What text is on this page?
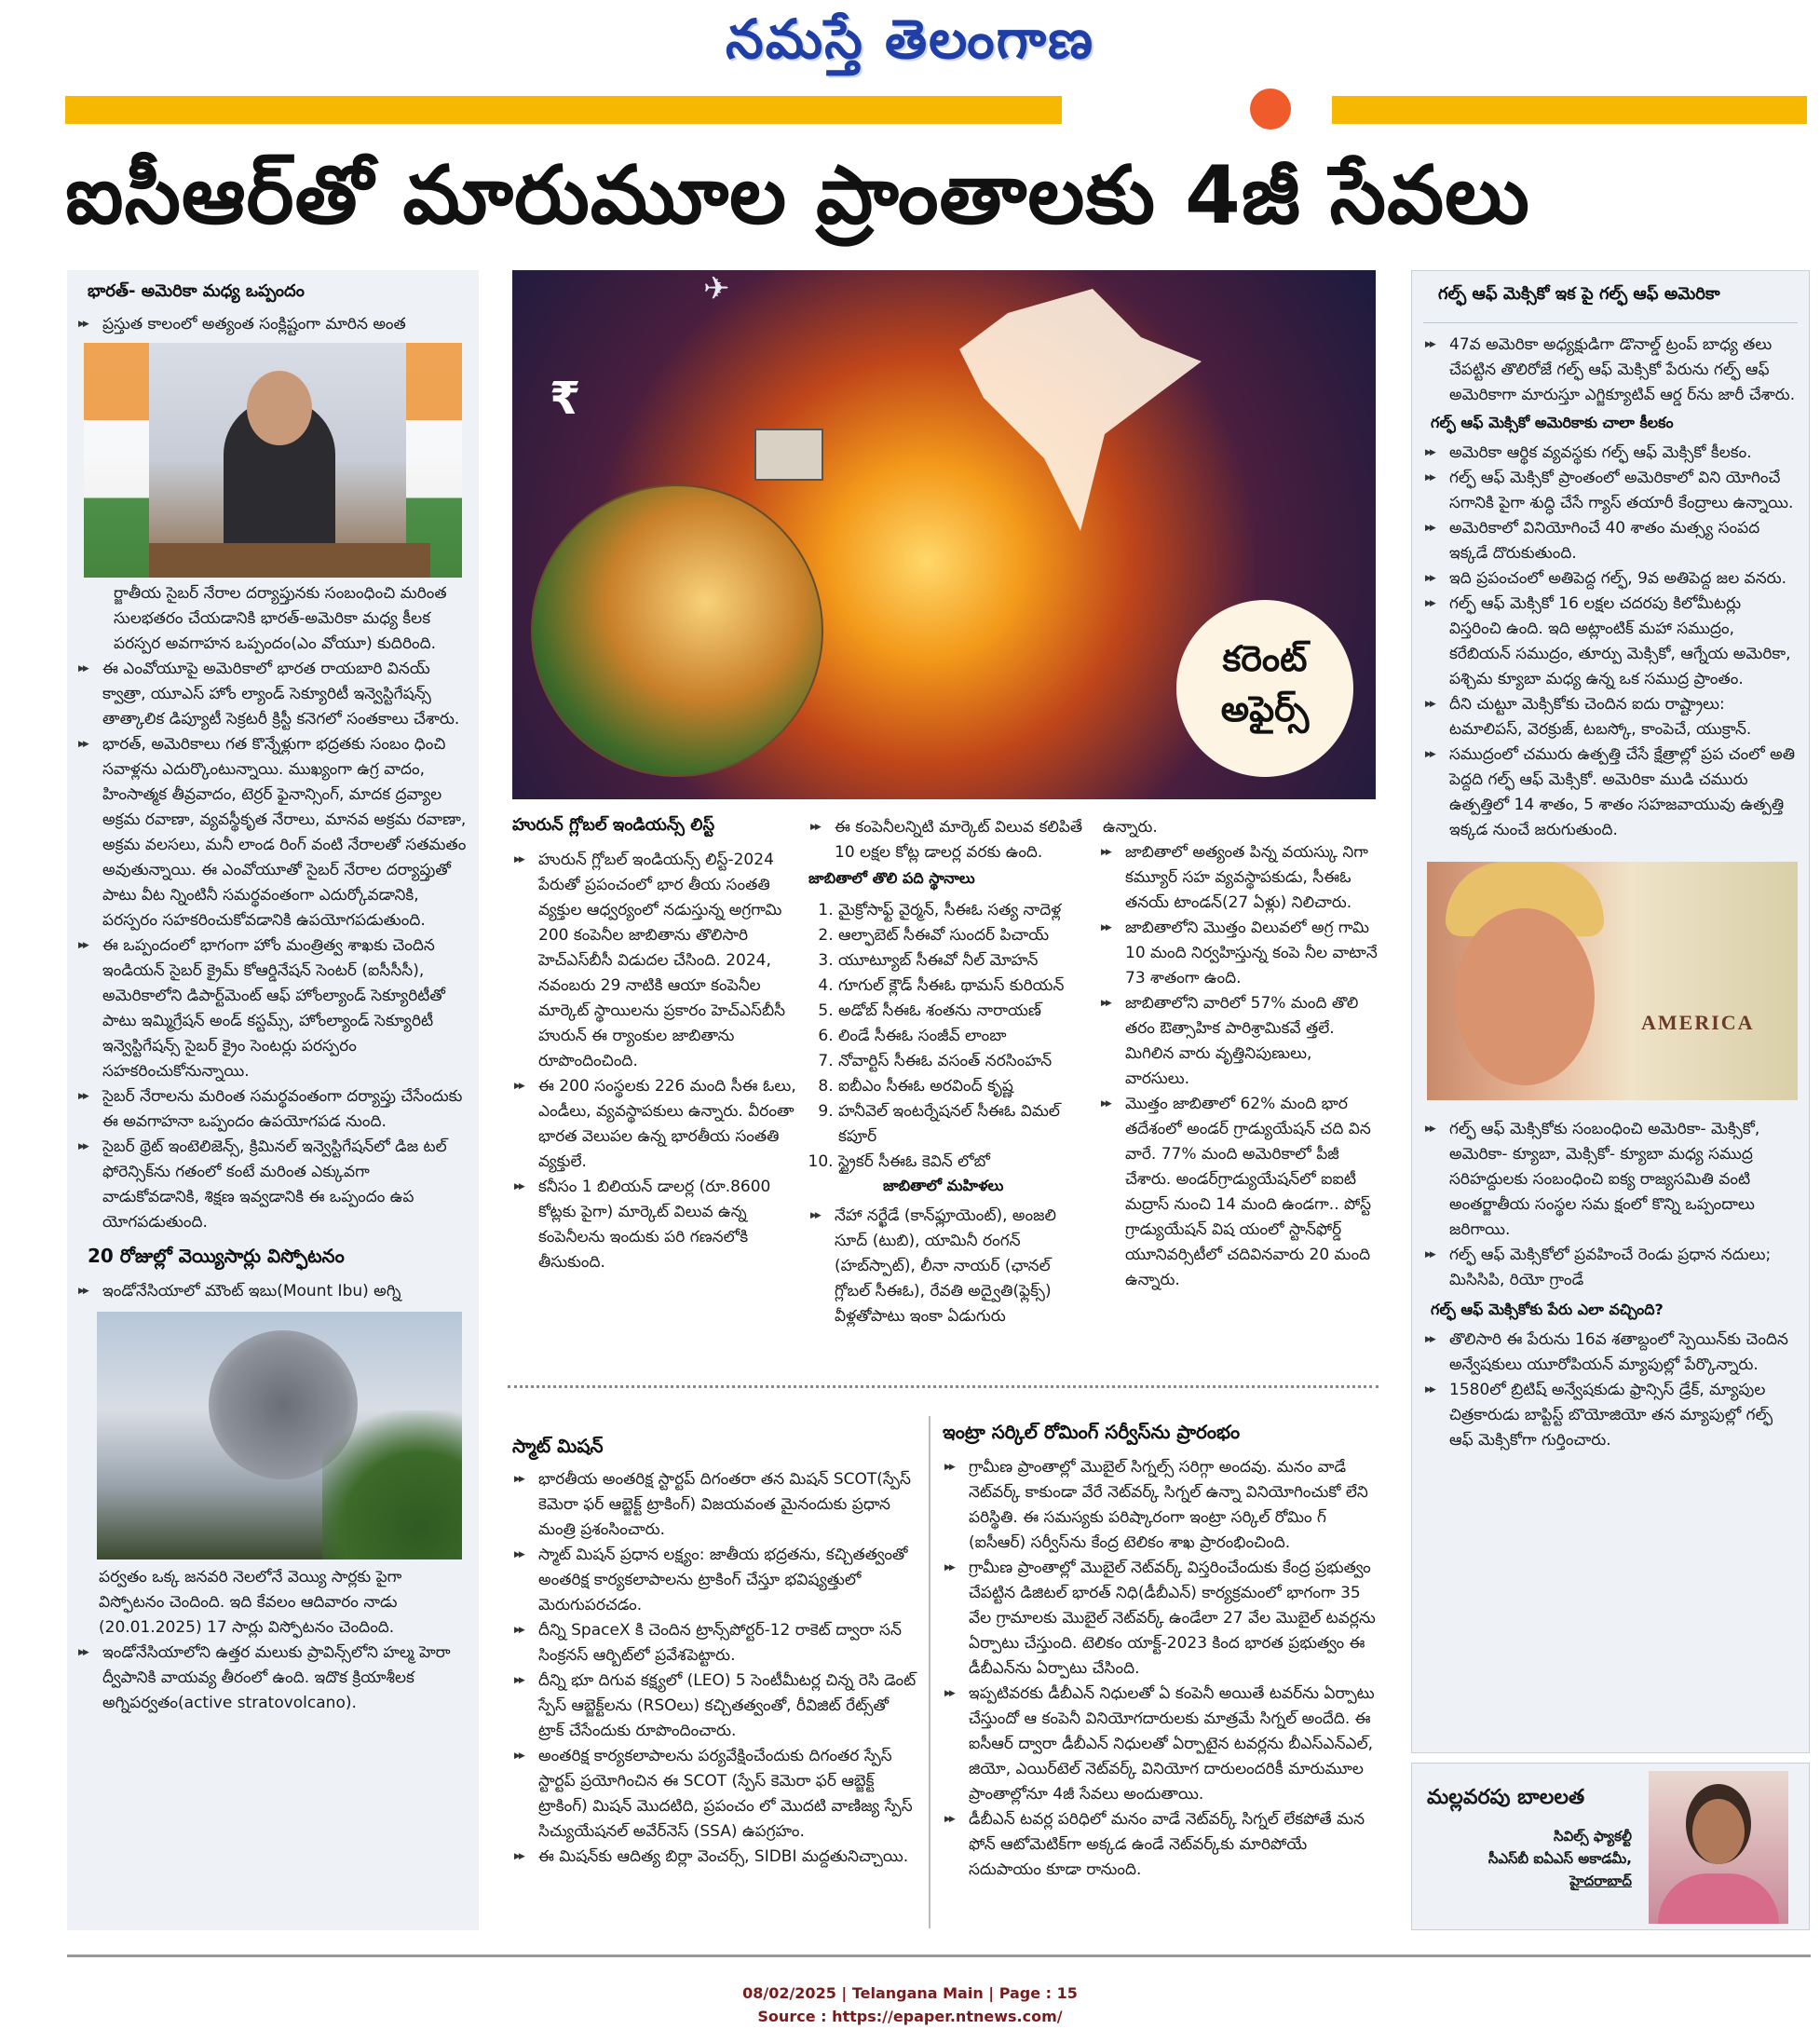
నమస్తే తెలంగాణ
ఐసీఆర్‌తో మారుమూల ప్రాంతాలకు 4జీ సేవలు
భారత్- అమెరికా మధ్య ఒప్పందం
▶▶ ప్రస్తుత కాలంలో అత్యంత సంక్లిష్టంగా మారిన అంత
ర్జాతీయ సైబర్ నేరాల దర్యాప్తునకు సంబంధించి మరింత సులభతరం చేయడానికి భారత్-అమెరికా మధ్య కీలక పరస్పర అవగాహన ఒప్పందం(ఎం వోయూ) కుదిరింది.
▶▶ ఈ ఎంవోయూపై అమెరికాలో భారత రాయబారి వినయ్ క్వాత్రా, యూఎస్ హోం ల్యాండ్ సెక్యూరిటీ ఇన్వెస్టిగేషన్స్ తాత్కాలిక డిప్యూటీ సెక్రటరీ క్రిస్టీ కనెగలో సంతకాలు చేశారు.
▶▶ భారత్, అమెరికాలు గత కొన్నేళ్లుగా భద్రతకు సంబం ధించి సవాళ్లను ఎదుర్కొంటున్నాయి. ముఖ్యంగా ఉగ్ర వాదం, హింసాత్మక తీవ్రవాదం, టెర్రర్ ఫైనాన్సింగ్, మాదక ద్రవ్యాల అక్రమ రవాణా, వ్యవస్థీకృత నేరాలు, మానవ అక్రమ రవాణా, అక్రమ వలసలు, మనీ లాండ రింగ్ వంటి నేరాలతో సతమతం అవుతున్నాయి. ఈ ఎంవోయూతో సైబర్ నేరాల దర్యాప్తుతో పాటు వీట న్నింటినీ సమర్థవంతంగా ఎదుర్కోవడానికి, పరస్పరం సహకరించుకోవడానికి ఉపయోగపడుతుంది.
▶▶ ఈ ఒప్పందంలో భాగంగా హోం మంత్రిత్వ శాఖకు చెందిన ఇండియన్ సైబర్ క్రైమ్ కోఆర్డినేషన్ సెంటర్ (ఐసీసీసీ), అమెరికాలోని డిపార్ట్‌మెంట్ ఆఫ్ హోంల్యాండ్ సెక్యూరిటీతో పాటు ఇమ్మిగ్రేషన్ అండ్ కస్టమ్స్, హోంల్యాండ్ సెక్యూరిటీ ఇన్వెస్టిగేషన్స్ సైబర్ క్రైం సెంటర్లు పరస్పరం సహకరించుకోనున్నాయి.
▶▶ సైబర్ నేరాలను మరింత సమర్థవంతంగా దర్యాప్తు చేసేందుకు ఈ అవగాహనా ఒప్పందం ఉపయోగపడ నుంది.
▶▶ సైబర్ థ్రెట్ ఇంటెలిజెన్స్, క్రిమినల్ ఇన్వెస్టిగేషన్‌లో డిజ టల్ ఫోరెన్సిక్‌ను గతంలో కంటే మరింత ఎక్కువగా వాడుకోవడానికి, శిక్షణ ఇవ్వడానికి ఈ ఒప్పందం ఉప యోగపడుతుంది.
20 రోజుల్లో వెయ్యిసార్లు విస్ఫోటనం
▶▶ ఇండోనేసియాలో మౌంట్ ఇబు(Mount Ibu) అగ్ని
పర్వతం ఒక్క జనవరి నెలలోనే వెయ్యి సార్లకు పైగా విస్ఫోటనం చెందింది. ఇది కేవలం ఆదివారం నాడు (20.01.2025) 17 సార్లు విస్ఫోటనం చెందింది.
▶▶ ఇండోనేసియాలోని ఉత్తర మలుకు ప్రావిన్స్‌లోని హల్మ హెరా ద్వీపానికి వాయవ్య తీరంలో ఉంది. ఇదొక క్రియాశీలక అగ్నిపర్వతం(active stratovolcano).
₹
✈
కరెంట్
అఫైర్స్
హురున్ గ్లోబల్ ఇండియన్స్ లిస్ట్
▶▶ హురున్ గ్లోబల్ ఇండియన్స్ లిస్ట్-2024 పేరుతో ప్రపంచంలో భార తీయ సంతతి వ్యక్తుల ఆధ్వర్యంలో నడుస్తున్న అగ్రగామి 200 కంపెనీల జాబితాను తొలిసారి హెచ్‌ఎస్‌బీసీ విడుదల చేసింది. 2024, నవంబరు 29 నాటికి ఆయా కంపెనీల మార్కెట్ స్థాయిలను ప్రకారం హెచ్‌ఎస్‌బీసీ హురున్ ఈ ర్యాంకుల జాబితాను రూపొందించింది.
▶▶ ఈ 200 సంస్థలకు 226 మంది సీఈ ఓలు, ఎండీలు, వ్యవస్థాపకులు ఉన్నారు. వీరంతా భారత వెలుపల ఉన్న భారతీయ సంతతి వ్యక్తులే.
▶▶ కనీసం 1 బిలియన్ డాలర్ల (రూ.8600 కోట్లకు పైగా) మార్కెట్ విలువ ఉన్న కంపెనీలను ఇందుకు పరి గణనలోకి తీసుకుంది.
▶▶ ఈ కంపెనీలన్నిటి మార్కెట్ విలువ కలిపితే 10 లక్షల కోట్ల డాలర్ల వరకు ఉంది.
జాబితాలో తొలి పది స్థానాలు
1. మైక్రోసాఫ్ట్ వైర్మన్, సీఈఓ సత్య నాదెళ్ల
2. ఆల్ఫాబెట్ సీఈవో సుందర్ పిచాయ్
3. యూట్యూబ్ సీఈవో నీల్ మోహన్
4. గూగుల్ క్లౌడ్ సీఈఓ థామస్ కురియన్
5. అడోబ్ సీఈఓ శంతను నారాయణ్
6. లిండే సీఈఓ సంజీవ్ లాంబా
7. నోవార్టిస్ సీఈఓ వసంత్ నరసింహన్
8. ఐబీఎం సీఈఓ అరవింద్ కృష్ణ
9. హనీవెల్ ఇంటర్నేషనల్ సీఈఓ విమల్ కపూర్
10. స్ట్రైకర్ సీఈఓ కెవిన్ లోబో
జాబితాలో మహిళలు
▶▶ నేహా నర్ఖేడే (కాన్‌ఫ్లూయెంట్), అంజలి సూద్ (టుబి), యామినీ రంగన్ (హబ్‌స్పాట్), లీనా నాయర్ (ఛానల్ గ్లోబల్ సీఈఓ), రేవతి అద్వైతి(ఫ్లెక్స్) వీళ్లతోపాటు ఇంకా ఏడుగురు
ఉన్నారు.
▶▶ జాబితాలో అత్యంత పిన్న వయస్కు నిగా కమ్యూర్ సహ వ్యవస్థాపకుడు, సీఈఓ తనయ్ టాండన్(27 ఏళ్లు) నిలిచారు.
▶▶ జాబితాలోని మొత్తం విలువలో అగ్ర గామి 10 మంది నిర్వహిస్తున్న కంపె నీల వాటానే 73 శాతంగా ఉంది.
▶▶ జాబితాలోని వారిలో 57% మంది తొలి తరం ఔత్సాహిక పారిశ్రామికవే త్తలే. మిగిలిన వారు వృత్తినిపుణులు, వారసులు.
▶▶ మొత్తం జాబితాలో 62% మంది భార తదేశంలో అండర్ గ్రాడ్యుయేషన్ చది విన వారే. 77% మంది అమెరికాలో పీజీ చేశారు. అండర్‌గ్రాడ్యుయేషన్‌లో ఐఐటీ మద్రాస్ నుంచి 14 మంది ఉండగా.. పోస్ట్ గ్రాడ్యుయేషన్ విష యంలో స్టాన్‌ఫోర్డ్ యూనివర్సిటీలో చదివినవారు 20 మంది ఉన్నారు.
స్మాట్ మిషన్
▶▶ భారతీయ అంతరిక్ష స్టార్టప్ దిగంతరా తన మిషన్ SCOT(స్పేస్ కెమెరా ఫర్ ఆబ్జెక్ట్ ట్రాకింగ్) విజయవంత మైనందుకు ప్రధాన మంత్రి ప్రశంసించారు.
▶▶ స్మాట్ మిషన్ ప్రధాన లక్ష్యం: జాతీయ భద్రతను, కచ్చితత్వంతో అంతరిక్ష కార్యకలాపాలను ట్రాకింగ్ చేస్తూ భవిష్యత్తులో మెరుగుపరచడం.
▶▶ దీన్ని SpaceX కి చెందిన ట్రాన్స్‌పోర్టర్-12 రాకెట్ ద్వారా సన్ సింక్రనస్ ఆర్బిట్‌లో ప్రవేశపెట్టారు.
▶▶ దీన్ని భూ దిగువ కక్ష్యలో (LEO) 5 సెంటీమీటర్ల చిన్న రెసి డెంట్ స్పేస్ ఆబ్జెక్ట్‌లను (RSOలు) కచ్చితత్వంతో, రీవిజిట్ రేట్స్‌తో ట్రాక్ చేసేందుకు రూపొందించారు.
▶▶ అంతరిక్ష కార్యకలాపాలను పర్యవేక్షించేందుకు దిగంతర స్పేస్ స్టార్టప్ ప్రయోగించిన ఈ SCOT (స్పేస్ కెమెరా ఫర్ ఆబ్జెక్ట్ ట్రాకింగ్) మిషన్ మొదటిది, ప్రపంచం లో మొదటి వాణిజ్య స్పేస్ సిచ్యుయేషనల్ అవేర్‌నెస్ (SSA) ఉపగ్రహం.
▶▶ ఈ మిషన్‌కు ఆదిత్య బిర్లా వెంచర్స్, SIDBI మద్దతునిచ్చాయి.
ఇంట్రా సర్కిల్ రోమింగ్ సర్వీస్‌ను ప్రారంభం
▶▶ గ్రామీణ ప్రాంతాల్లో మొబైల్ సిగ్నల్స్ సరిగ్గా అందవు. మనం వాడే నెట్‌వర్క్ కాకుండా వేరే నెట్‌వర్క్ సిగ్నల్ ఉన్నా వినియోగించుకో లేని పరిస్థితి. ఈ సమస్యకు పరిష్కారంగా ఇంట్రా సర్కిల్ రోమిం గ్ (ఐసీఆర్) సర్వీస్‌ను కేంద్ర టెలికం శాఖ ప్రారంభించింది.
▶▶ గ్రామీణ ప్రాంతాల్లో మొబైల్ నెట్‌వర్క్ విస్తరించేందుకు కేంద్ర ప్రభుత్వం చేపట్టిన డిజిటల్ భారత్ నిధి(డీబీఎన్) కార్యక్రమంలో భాగంగా 35 వేల గ్రామాలకు మొబైల్ నెట్‌వర్క్ ఉండేలా 27 వేల మొబైల్ టవర్లను ఏర్పాటు చేస్తుంది. టెలికం యాక్ట్-2023 కింద భారత ప్రభుత్వం ఈ డీబీఎన్‌ను ఏర్పాటు చేసింది.
▶▶ ఇప్పటివరకు డీబీఎన్ నిధులతో ఏ కంపెనీ అయితే టవర్‌ను ఏర్పాటు చేస్తుందో ఆ కంపెనీ వినియోగదారులకు మాత్రమే సిగ్నల్ అందేది. ఈ ఐసీఆర్ ద్వారా డీబీఎన్ నిధులతో ఏర్పాటైన టవర్లను బీఎస్‌ఎన్‌ఎల్, జియో, ఎయిర్‌టెల్ నెట్‌వర్క్ వినియోగ దారులందరికీ మారుమూల ప్రాంతాల్లోనూ 4జీ సేవలు అందుతాయి.
▶▶ డీబీఎన్ టవర్ల పరిధిలో మనం వాడే నెట్‌వర్క్ సిగ్నల్ లేకపోతే మన ఫోన్ ఆటోమెటిక్‌గా అక్కడ ఉండే నెట్‌వర్క్‌కు మారిపోయే సదుపాయం కూడా రానుంది.
గల్ఫ్ ఆఫ్ మెక్సికో ఇక పై గల్ఫ్ ఆఫ్ అమెరికా
▶▶ 47వ అమెరికా అధ్యక్షుడిగా డొనాల్డ్ ట్రంప్ బాధ్య తలు చేపట్టిన తొలిరోజే గల్ఫ్ ఆఫ్ మెక్సికో పేరును గల్ఫ్ ఆఫ్ అమెరికాగా మారుస్తూ ఎగ్జిక్యూటివ్ ఆర్డ ర్‌ను జారీ చేశారు.
గల్ఫ్ ఆఫ్ మెక్సికో అమెరికాకు చాలా కీలకం
▶▶ అమెరికా ఆర్థిక వ్యవస్థకు గల్ఫ్ ఆఫ్ మెక్సికో కీలకం.
▶▶ గల్ఫ్ ఆఫ్ మెక్సికో ప్రాంతంలో అమెరికాలో విని యోగించే సగానికి పైగా శుద్ధి చేసే గ్యాస్ తయారీ కేంద్రాలు ఉన్నాయి.
▶▶ అమెరికాలో వినియోగించే 40 శాతం మత్స్య సంపద ఇక్కడే దొరుకుతుంది.
▶▶ ఇది ప్రపంచంలో అతిపెద్ద గల్ఫ్, 9వ అతిపెద్ద జల వనరు.
▶▶ గల్ఫ్ ఆఫ్ మెక్సికో 16 లక్షల చదరపు కిలోమీటర్లు విస్తరించి ఉంది. ఇది అట్లాంటిక్ మహా సముద్రం, కరేబియన్ సముద్రం, తూర్పు మెక్సికో, ఆగ్నేయ అమెరికా, పశ్చిమ క్యూబా మధ్య ఉన్న ఒక సముద్ర ప్రాంతం.
▶▶ దీని చుట్టూ మెక్సికోకు చెందిన ఐదు రాష్ట్రాలు: టమాలిపస్, వెరక్రుజ్, టబస్కో, కాంపెచే, యుక్రాన్.
▶▶ సముద్రంలో చమురు ఉత్పత్తి చేసే క్షేత్రాల్లో ప్రప చంలో అతి పెద్దది గల్ఫ్ ఆఫ్ మెక్సికో. అమెరికా ముడి చమురు ఉత్పత్తిలో 14 శాతం, 5 శాతం సహజవాయువు ఉత్పత్తి ఇక్కడ నుంచే జరుగుతుంది.
AMERICA
▶▶ గల్ఫ్ ఆఫ్ మెక్సికోకు సంబంధించి అమెరికా- మెక్సికో, అమెరికా- క్యూబా, మెక్సికో- క్యూబా మధ్య సముద్ర సరిహద్దులకు సంబంధించి ఐక్య రాజ్యసమితి వంటి అంతర్జాతీయ సంస్థల సమ క్షంలో కొన్ని ఒప్పందాలు జరిగాయి.
▶▶ గల్ఫ్ ఆఫ్ మెక్సికోలో ప్రవహించే రెండు ప్రధాన నదులు; మిసిసిపి, రియో గ్రాండే
గల్ఫ్ ఆఫ్ మెక్సికోకు పేరు ఎలా వచ్చింది?
▶▶ తొలిసారి ఈ పేరును 16వ శతాబ్దంలో స్పెయిన్‌కు చెందిన అన్వేషకులు యూరోపియన్ మ్యాపుల్లో పేర్కొన్నారు.
▶▶ 1580లో బ్రిటిష్ అన్వేషకుడు ఫ్రాన్సిస్ డ్రేక్, మ్యాపుల చిత్రకారుడు బాప్టిస్ట్ బొయోజియో తన మ్యాపుల్లో గల్ఫ్ ఆఫ్ మెక్సికోగా గుర్తించారు.
మల్లవరపు బాలలత
సివిల్స్ ఫ్యాకల్టీ
సీఎస్‌బీ ఐఏఎస్ అకాడమీ,
హైదరాబాద్
08/02/2025 | Telangana Main | Page : 15
Source : https://epaper.ntnews.com/
